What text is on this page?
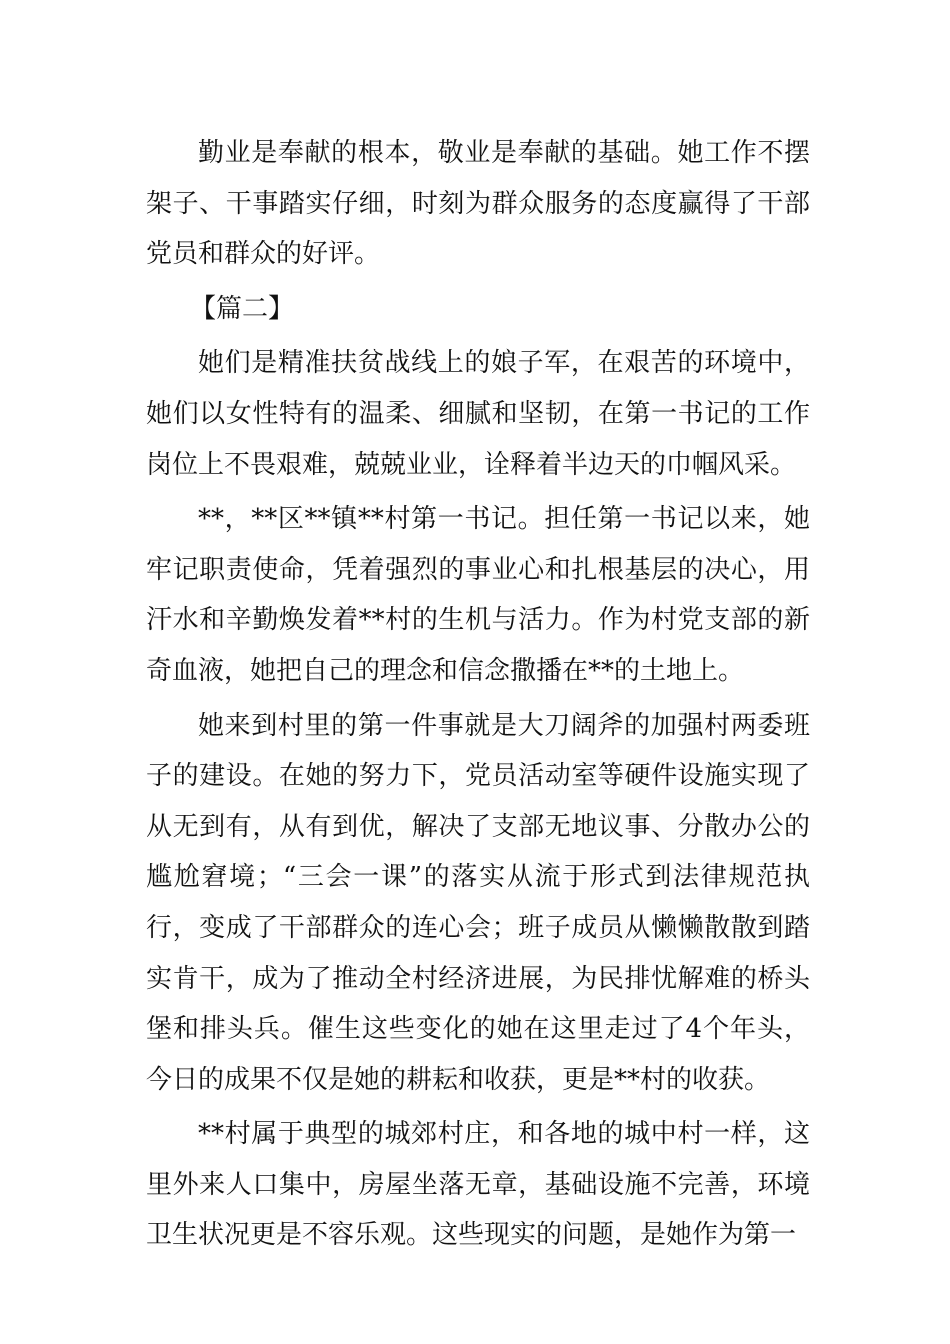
勤业是奉献的根本，敬业是奉献的基础。她工作不摆架子、干事踏实仔细，时刻为群众服务的态度赢得了干部党员和群众的好评。

【篇二】

她们是精准扶贫战线上的娘子军，在艰苦的环境中，她们以女性特有的温柔、细腻和坚韧，在第一书记的工作岗位上不畏艰难，兢兢业业，诠释着半边天的巾帼风采。

**，**区**镇**村第一书记。担任第一书记以来，她牢记职责使命，凭着强烈的事业心和扎根基层的决心，用汗水和辛勤焕发着**村的生机与活力。作为村党支部的新奇血液，她把自己的理念和信念撒播在**的土地上。

她来到村里的第一件事就是大刀阔斧的加强村两委班子的建设。在她的努力下，党员活动室等硬件设施实现了从无到有，从有到优，解决了支部无地议事、分散办公的尴尬窘境；“三会一课”的落实从流于形式到法律规范执行，变成了干部群众的连心会；班子成员从懒懒散散到踏实肯干，成为了推动全村经济进展，为民排忧解难的桥头堡和排头兵。催生这些变化的她在这里走过了4个年头，今日的成果不仅是她的耕耘和收获，更是**村的收获。

**村属于典型的城郊村庄，和各地的城中村一样，这里外来人口集中，房屋坐落无章，基础设施不完善，环境卫生状况更是不容乐观。这些现实的问题，是她作为第一
